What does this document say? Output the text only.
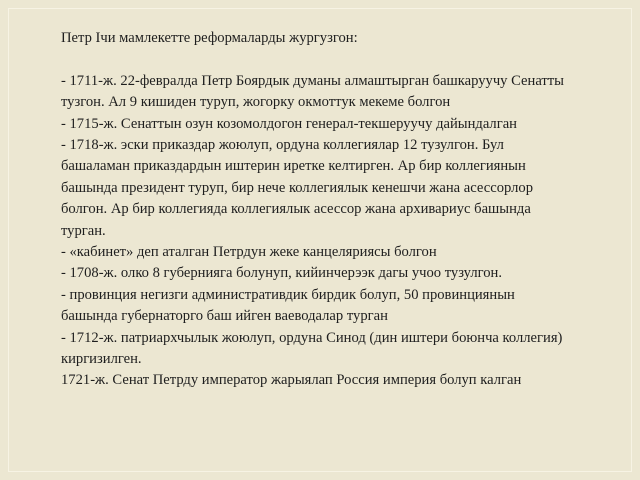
Петр Iчи мамлекетте реформаларды жургузгон:
- 1711-ж. 22-февралда Петр Боярдык думаны алмаштырган башкаруучу Сенатты
тузгон. Ал 9 кишиден туруп, жогорку окмоттук мекеме болгон
- 1715-ж. Сенаттын озун козомолдогон генерал-текшеруучу дайындалган
- 1718-ж. эски приказдар жоюлуп, ордуна коллегиялар 12 тузулгон. Бул
башаламан приказдардын иштерин иретке келтирген. Ар бир коллегиянын
башында президент туруп, бир нече коллегиялык кенешчи жана асессорлор
болгон. Ар бир коллегияда коллегиялык асессор жана архивариус башында
турган.
- «кабинет» деп аталган Петрдун жеке канцеляриясы болгон
- 1708-ж. олко 8 губернияга болунуп, кийинчерээк дагы учоо тузулгон.
- провинция негизги административдик бирдик болуп, 50 провинциянын
башында губернаторго баш ийген ваеводалар турган
- 1712-ж. патриархчылык жоюлуп, ордуна Синод (дин иштери боюнча коллегия)
киргизилген.
1721-ж. Сенат Петрду император жарыялап Россия империя болуп калган
